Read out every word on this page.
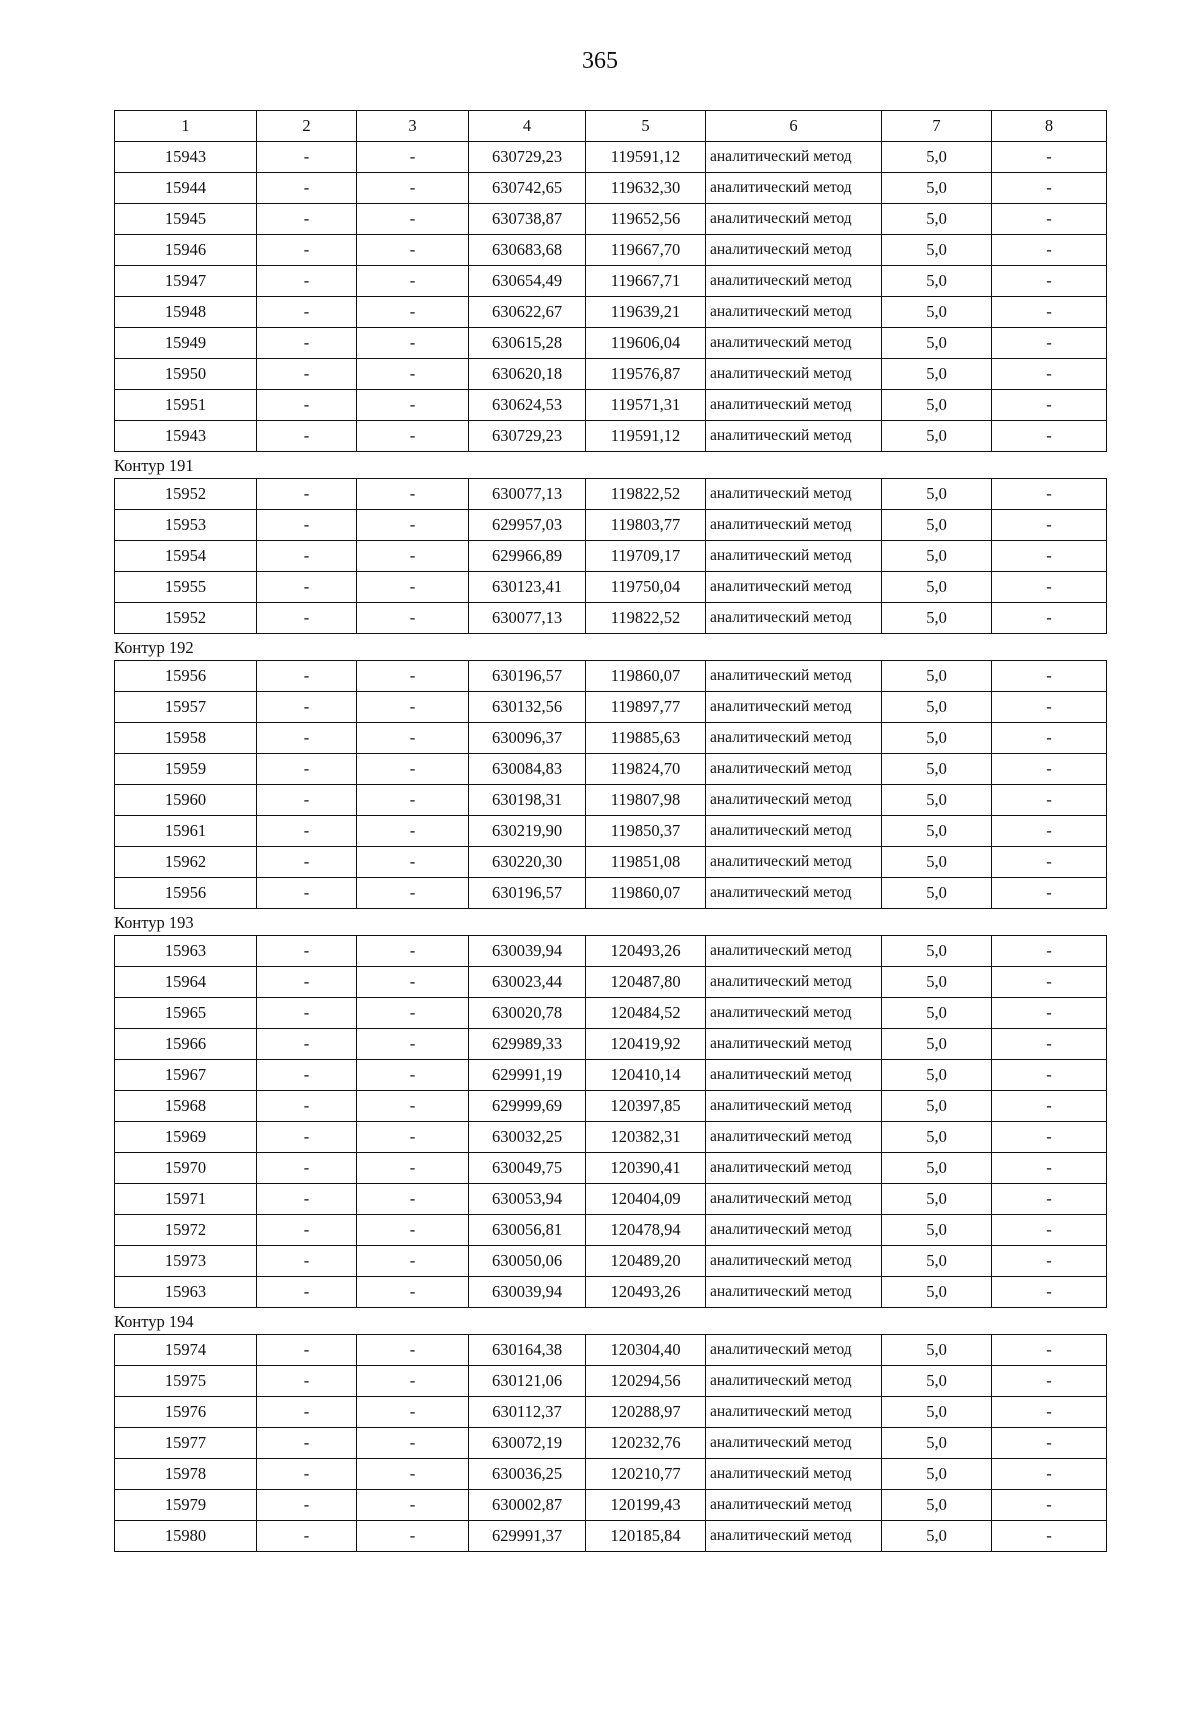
365
1	2	3	4	5	6	7	8
15943	-	-	630729,23	119591,12	аналитический метод	5,0	-
15944	-	-	630742,65	119632,30	аналитический метод	5,0	-
15945	-	-	630738,87	119652,56	аналитический метод	5,0	-
15946	-	-	630683,68	119667,70	аналитический метод	5,0	-
15947	-	-	630654,49	119667,71	аналитический метод	5,0	-
15948	-	-	630622,67	119639,21	аналитический метод	5,0	-
15949	-	-	630615,28	119606,04	аналитический метод	5,0	-
15950	-	-	630620,18	119576,87	аналитический метод	5,0	-
15951	-	-	630624,53	119571,31	аналитический метод	5,0	-
15943	-	-	630729,23	119591,12	аналитический метод	5,0	-
Контур 191
15952	-	-	630077,13	119822,52	аналитический метод	5,0	-
15953	-	-	629957,03	119803,77	аналитический метод	5,0	-
15954	-	-	629966,89	119709,17	аналитический метод	5,0	-
15955	-	-	630123,41	119750,04	аналитический метод	5,0	-
15952	-	-	630077,13	119822,52	аналитический метод	5,0	-
Контур 192
15956	-	-	630196,57	119860,07	аналитический метод	5,0	-
15957	-	-	630132,56	119897,77	аналитический метод	5,0	-
15958	-	-	630096,37	119885,63	аналитический метод	5,0	-
15959	-	-	630084,83	119824,70	аналитический метод	5,0	-
15960	-	-	630198,31	119807,98	аналитический метод	5,0	-
15961	-	-	630219,90	119850,37	аналитический метод	5,0	-
15962	-	-	630220,30	119851,08	аналитический метод	5,0	-
15956	-	-	630196,57	119860,07	аналитический метод	5,0	-
Контур 193
15963	-	-	630039,94	120493,26	аналитический метод	5,0	-
15964	-	-	630023,44	120487,80	аналитический метод	5,0	-
15965	-	-	630020,78	120484,52	аналитический метод	5,0	-
15966	-	-	629989,33	120419,92	аналитический метод	5,0	-
15967	-	-	629991,19	120410,14	аналитический метод	5,0	-
15968	-	-	629999,69	120397,85	аналитический метод	5,0	-
15969	-	-	630032,25	120382,31	аналитический метод	5,0	-
15970	-	-	630049,75	120390,41	аналитический метод	5,0	-
15971	-	-	630053,94	120404,09	аналитический метод	5,0	-
15972	-	-	630056,81	120478,94	аналитический метод	5,0	-
15973	-	-	630050,06	120489,20	аналитический метод	5,0	-
15963	-	-	630039,94	120493,26	аналитический метод	5,0	-
Контур 194
15974	-	-	630164,38	120304,40	аналитический метод	5,0	-
15975	-	-	630121,06	120294,56	аналитический метод	5,0	-
15976	-	-	630112,37	120288,97	аналитический метод	5,0	-
15977	-	-	630072,19	120232,76	аналитический метод	5,0	-
15978	-	-	630036,25	120210,77	аналитический метод	5,0	-
15979	-	-	630002,87	120199,43	аналитический метод	5,0	-
15980	-	-	629991,37	120185,84	аналитический метод	5,0	-
